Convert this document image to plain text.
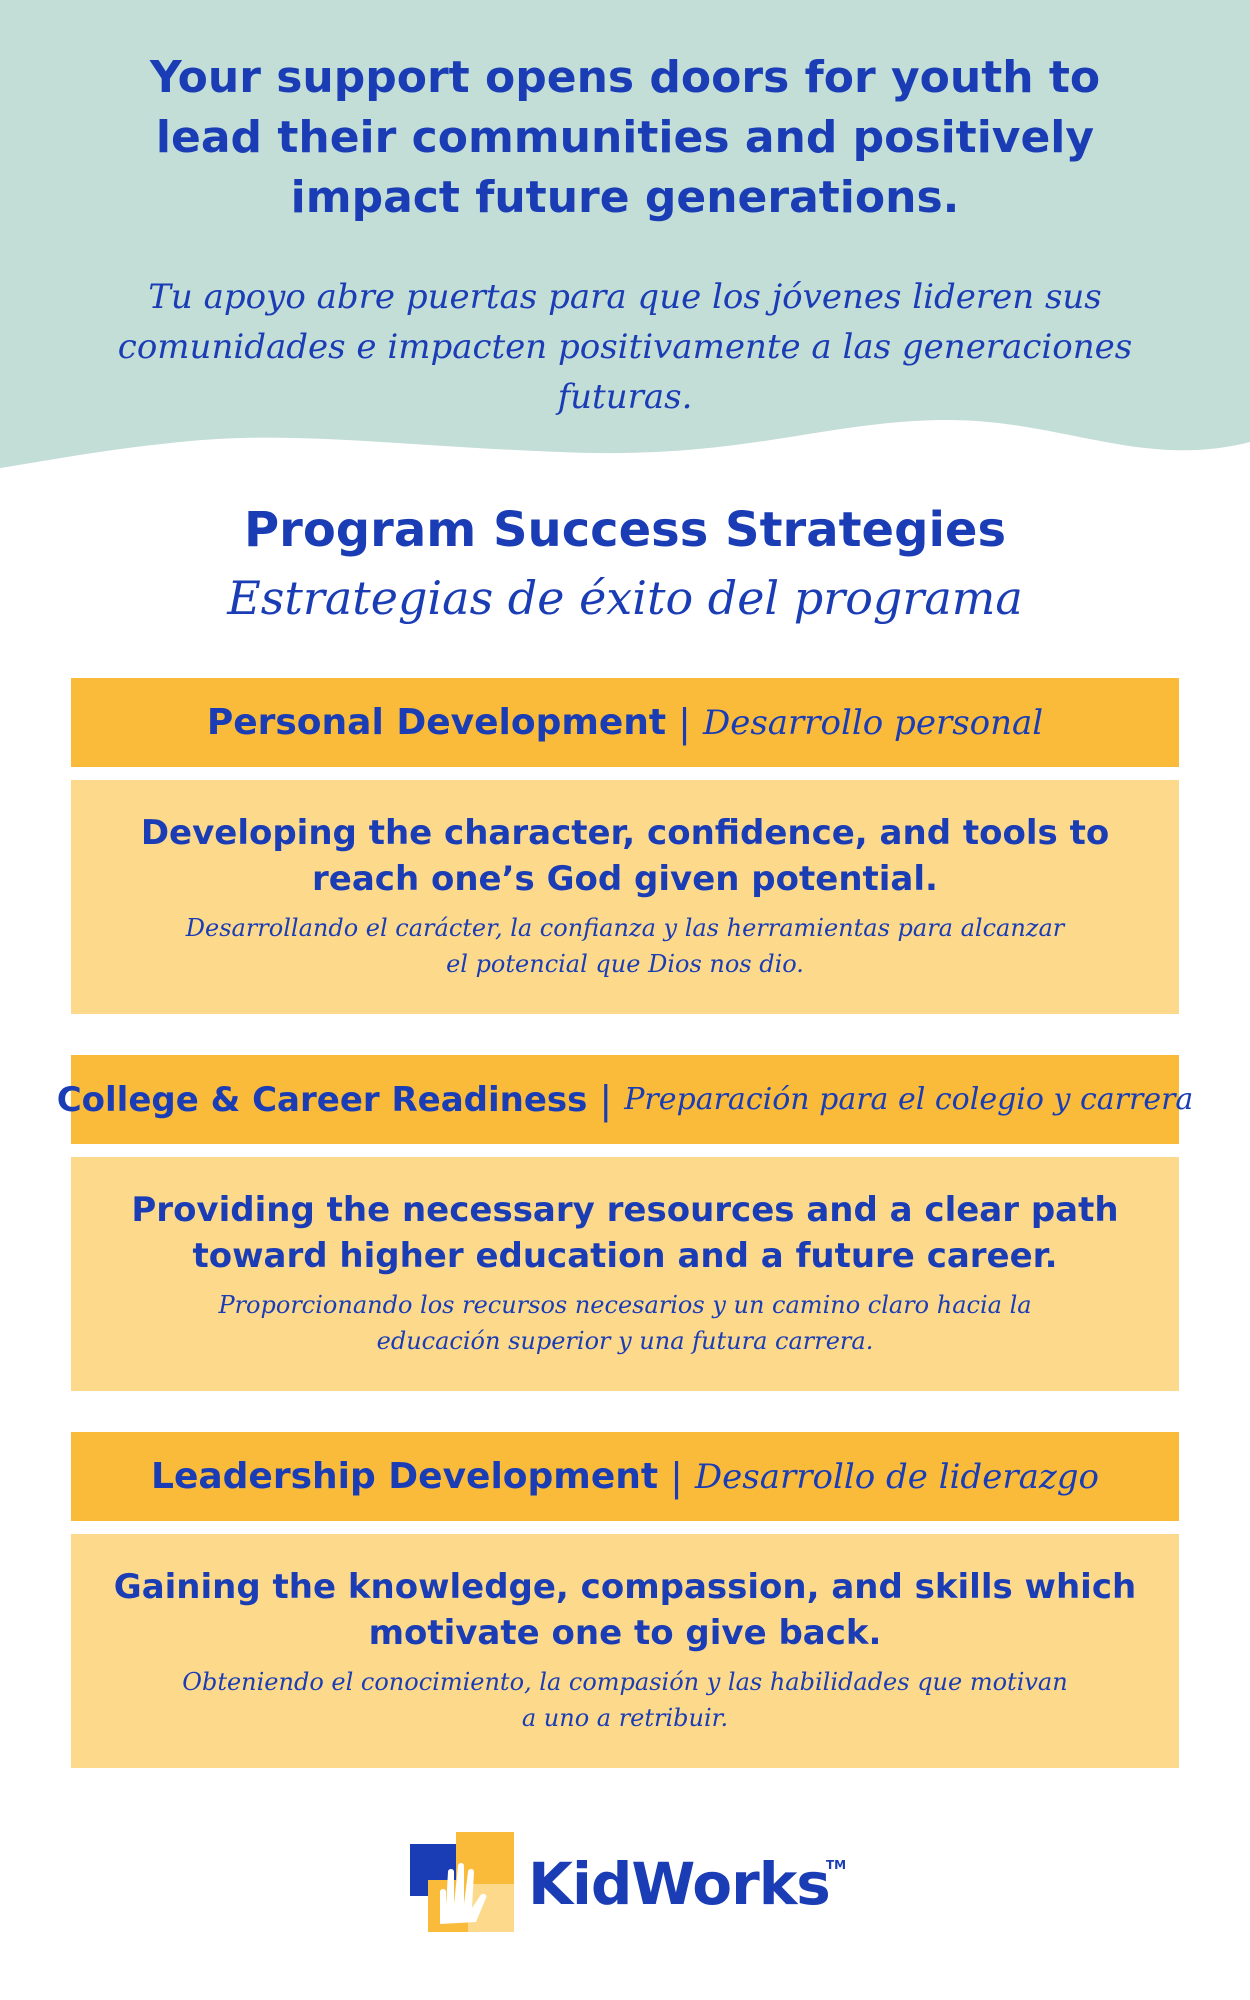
Your support opens doors for youth to lead their communities and positively impact future generations.

Tu apoyo abre puertas para que los jóvenes lideren sus comunidades e impacten positivamente a las generaciones futuras.

Program Success Strategies

Estrategias de éxito del programa

Personal Development | Desarrollo personal

Developing the character, confidence, and tools to reach one’s God given potential.

Desarrollando el carácter, la confianza y las herramientas para alcanzar el potencial que Dios nos dio.

College & Career Readiness | Preparación para el colegio y carrera

Providing the necessary resources and a clear path toward higher education and a future career.

Proporcionando los recursos necesarios y un camino claro hacia la educación superior y una futura carrera.

Leadership Development | Desarrollo de liderazgo

Gaining the knowledge, compassion, and skills which motivate one to give back.

Obteniendo el conocimiento, la compasión y las habilidades que motivan a uno a retribuir.

KidWorks
TM
